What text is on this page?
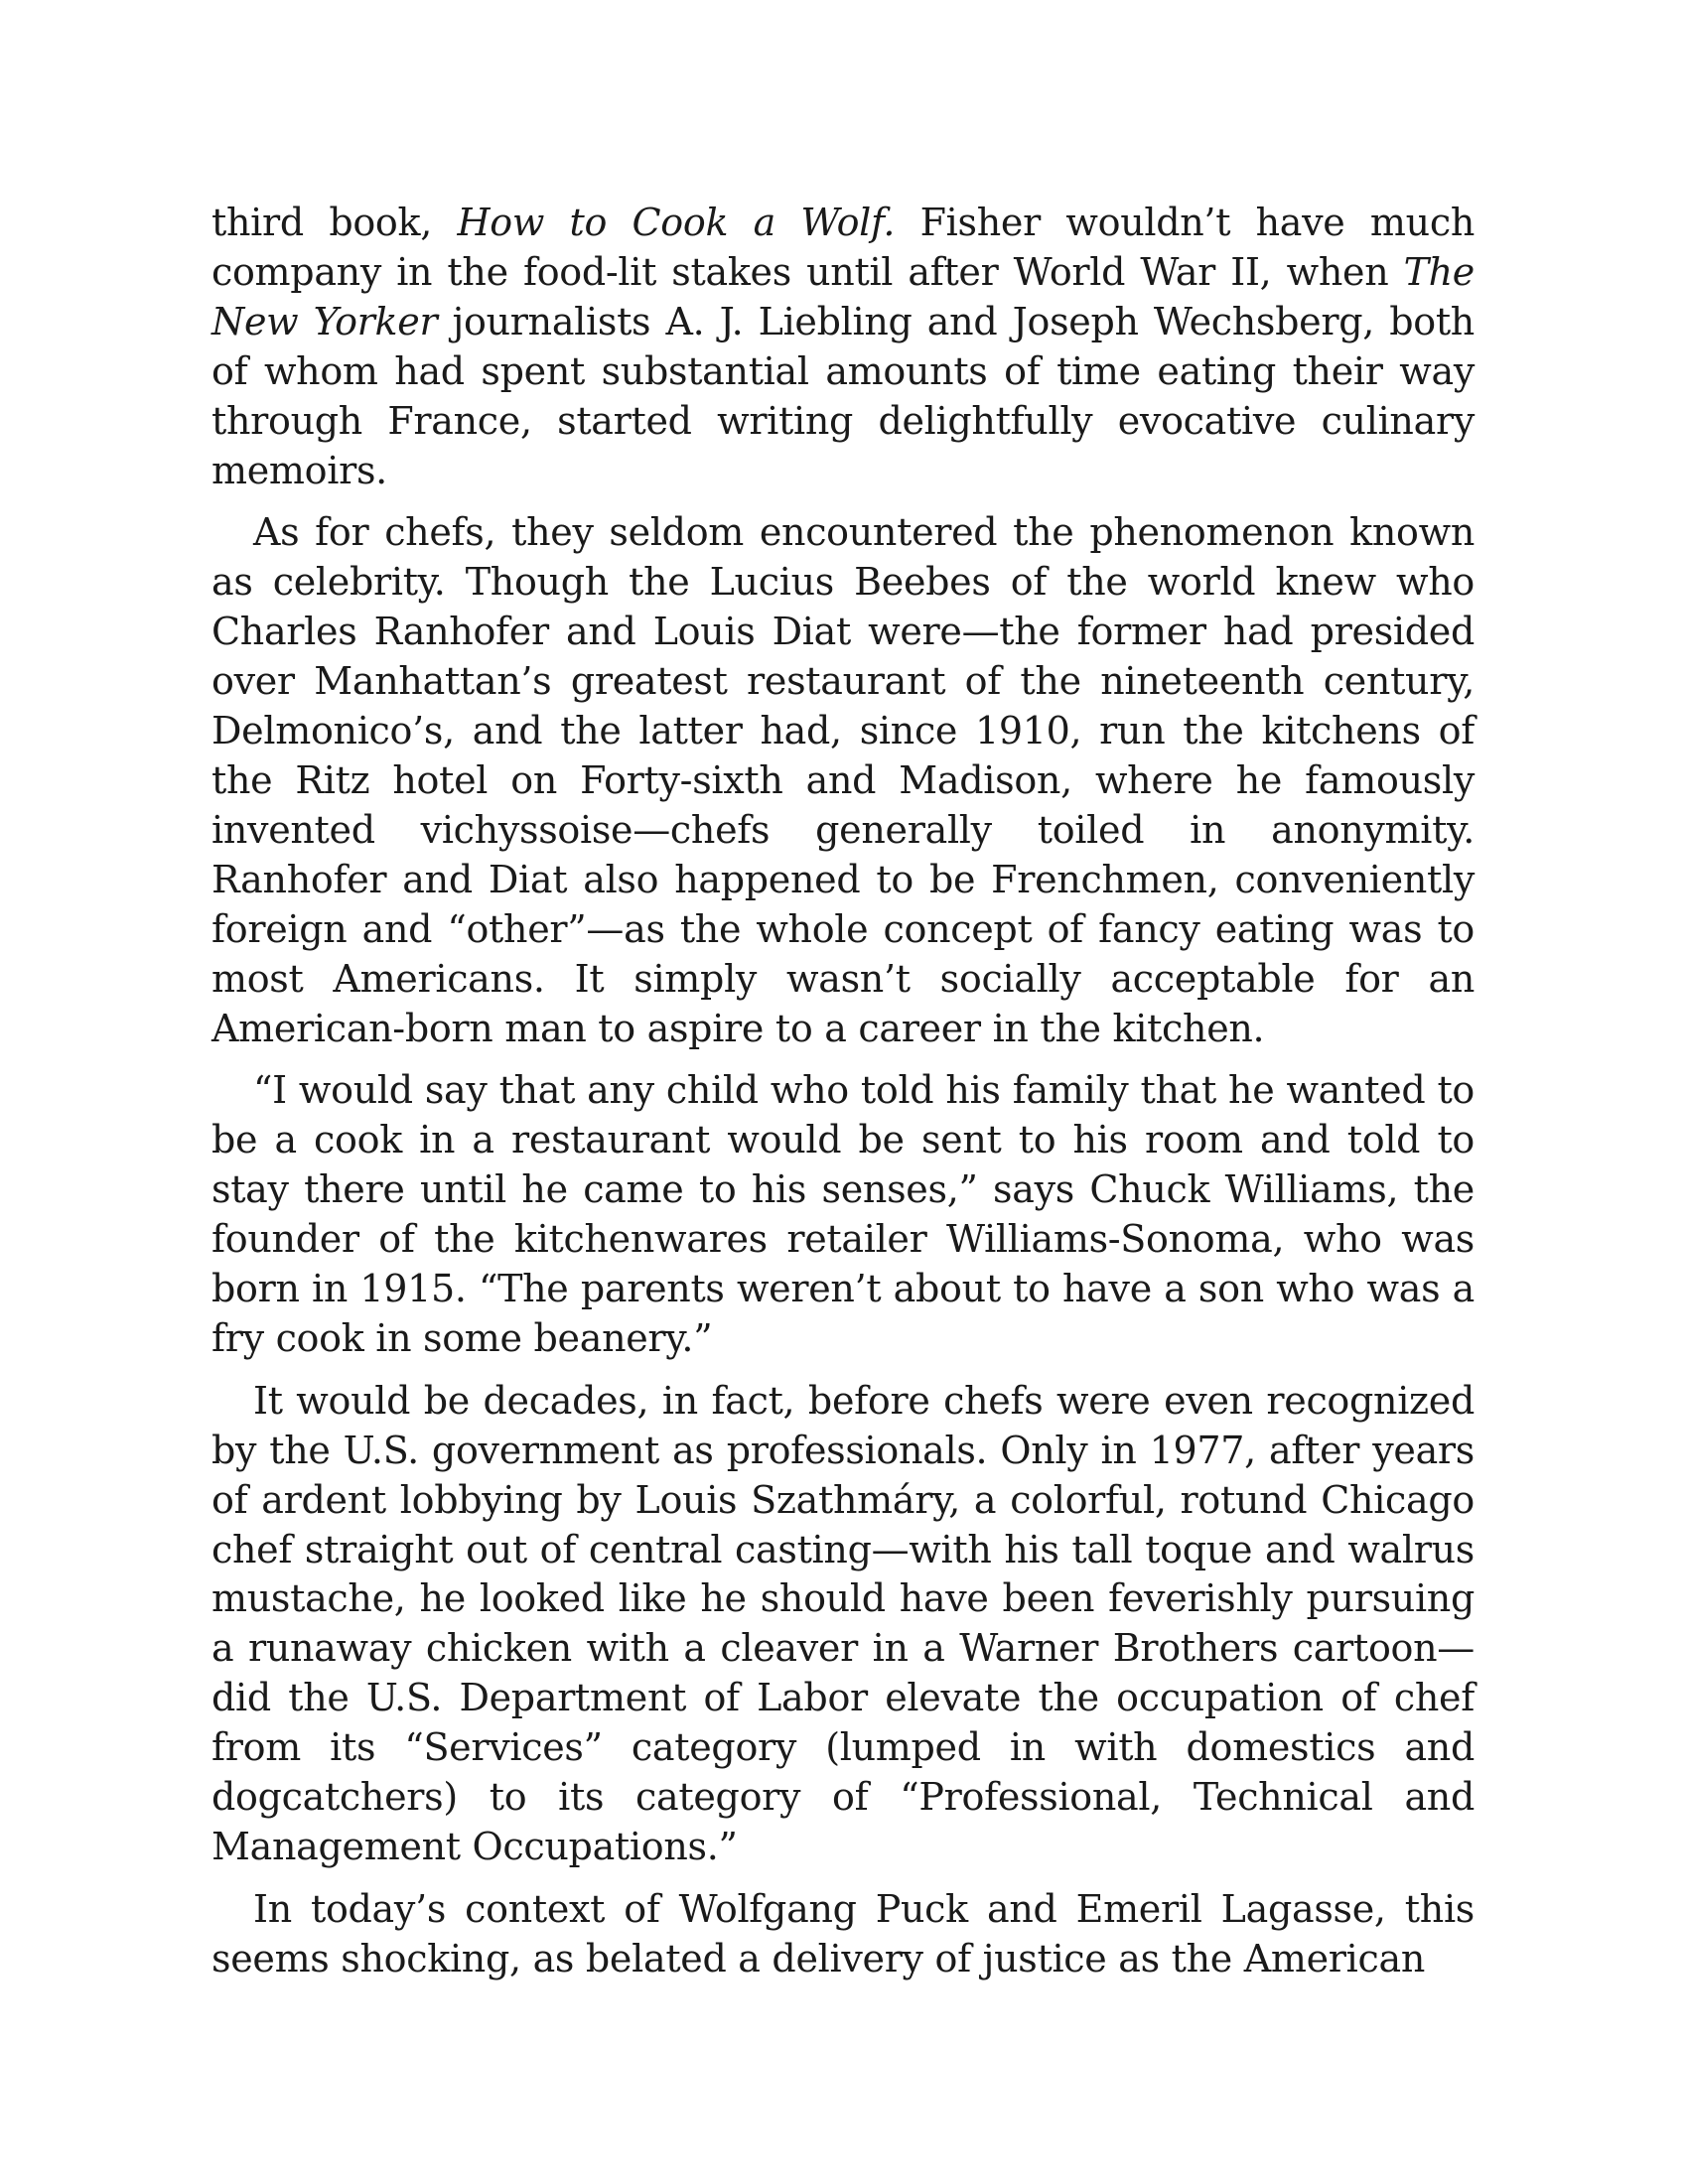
third book, How to Cook a Wolf. Fisher wouldn’t have much company in the food-lit stakes until after World War II, when The New Yorker journalists A. J. Liebling and Joseph Wechsberg, both of whom had spent substantial amounts of time eating their way through France, started writing delightfully evocative culinary memoirs.

As for chefs, they seldom encountered the phenomenon known as celebrity. Though the Lucius Beebes of the world knew who Charles Ranhofer and Louis Diat were—the former had presided over Manhattan’s greatest restaurant of the nineteenth century, Delmonico’s, and the latter had, since 1910, run the kitchens of the Ritz hotel on Forty-sixth and Madison, where he famously invented vichyssoise—chefs generally toiled in anonymity. Ranhofer and Diat also happened to be Frenchmen, conveniently foreign and “other”—as the whole concept of fancy eating was to most Americans. It simply wasn’t socially acceptable for an American-born man to aspire to a career in the kitchen.

“I would say that any child who told his family that he wanted to be a cook in a restaurant would be sent to his room and told to stay there until he came to his senses,” says Chuck Williams, the founder of the kitchenwares retailer Williams-Sonoma, who was born in 1915. “The parents weren’t about to have a son who was a fry cook in some beanery.”

It would be decades, in fact, before chefs were even recognized by the U.S. government as professionals. Only in 1977, after years of ardent lobbying by Louis Szathmáry, a colorful, rotund Chicago chef straight out of central casting—with his tall toque and walrus mustache, he looked like he should have been feverishly pursuing a runaway chicken with a cleaver in a Warner Brothers cartoon—did the U.S. Department of Labor elevate the occupation of chef from its “Services” category (lumped in with domestics and dogcatchers) to its category of “Professional, Technical and Management Occupations.”

In today’s context of Wolfgang Puck and Emeril Lagasse, this seems shocking, as belated a delivery of justice as the American
